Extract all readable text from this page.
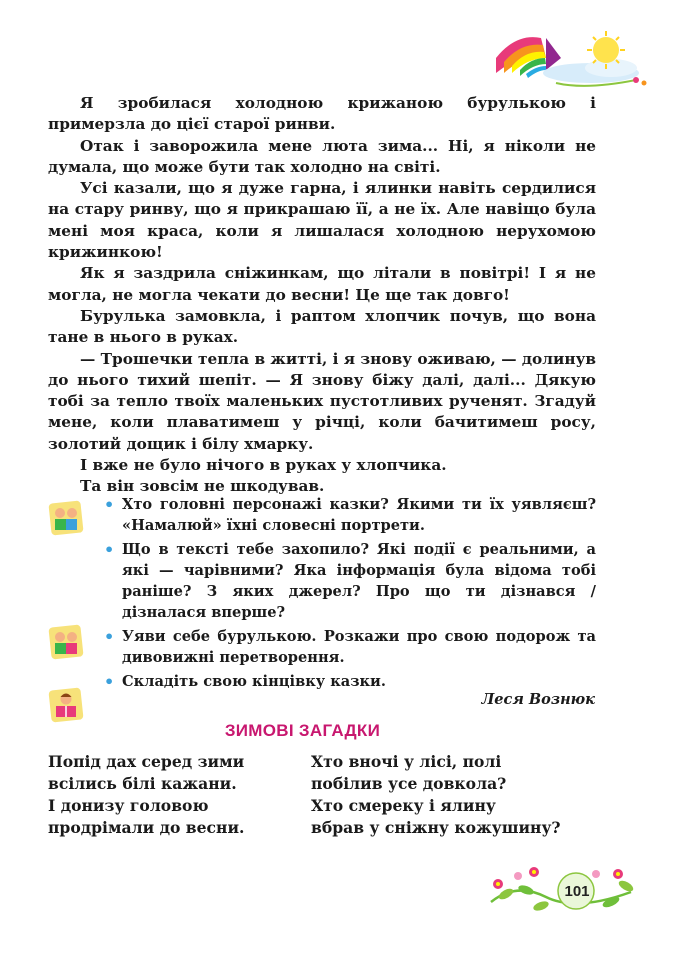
Я зробилася холодною крижаною бурулькою і примерзла до цієї старої ринви.

Отак і заворожила мене люта зима... Ні, я ніколи не думала, що може бути так холодно на світі.

Усі казали, що я дуже гарна, і ялинки навіть сердилися на стару ринву, що я прикрашаю її, а не їх. Але навіщо була мені моя краса, коли я лишалася холодною нерухомою крижинкою!

Як я заздрила сніжинкам, що літали в повітрі! І я не могла, не могла чекати до весни! Це ще так довго!

Бурулька замовкла, і раптом хлопчик почув, що вона тане в нього в руках.

— Трошечки тепла в житті, і я знову оживаю, — долинув до нього тихий шепіт. — Я знову біжу далі, далі... Дякую тобі за тепло твоїх маленьких пустотливих рученят. Згадуй мене, коли плаватимеш у річці, коли бачитимеш росу, золотий дощик і білу хмарку.

І вже не було нічого в руках у хлопчика.

Та він зовсім не шкодував.

• Хто головні персонажі казки? Якими ти їх уявляєш? «Намалюй» їхні словесні портрети.
• Що в тексті тебе захопило? Які події є реальними, а які — чарівними? Яка інформація була відома тобі раніше? З яких джерел? Про що ти дізнався / дізналася вперше?
• Уяви себе бурулькою. Розкажи про свою подорож та дивовижні перетворення.
• Складіть свою кінцівку казки.
Леся Вознюк
ЗИМОВІ ЗАГАДКИ
Попід дах серед зими
всілись білі кажани.
І донизу головою
продрімали до весни.
Хто вночі у лісі, полі
побілив усе довкола?
Хто смереку і ялину
вбрав у сніжну кожушину?
101
